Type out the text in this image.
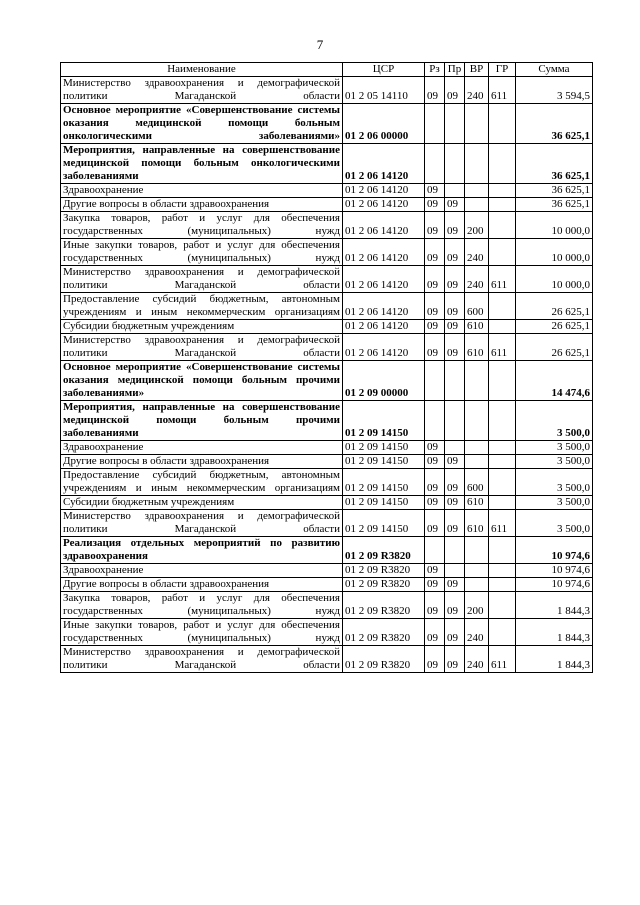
7
Наименование	ЦСР	Рз	Пр	ВР	ГР	Сумма
Министерство здравоохранения и демографической политики Магаданской области	01 2 05 14110	09	09	240	611	3 594,5
Основное мероприятие «Совершенствование системы оказания медицинской помощи больным онкологическими заболеваниями»	01 2 06 00000					36 625,1
Мероприятия, направленные на совершенствование медицинской помощи больным онкологическими заболеваниями	01 2 06 14120					36 625,1
Здравоохранение	01 2 06 14120	09				36 625,1
Другие вопросы в области здравоохранения	01 2 06 14120	09	09			36 625,1
Закупка товаров, работ и услуг для обеспечения государственных (муниципальных) нужд	01 2 06 14120	09	09	200		10 000,0
Иные закупки товаров, работ и услуг для обеспечения государственных (муниципальных) нужд	01 2 06 14120	09	09	240		10 000,0
Министерство здравоохранения и демографической политики Магаданской области	01 2 06 14120	09	09	240	611	10 000,0
Предоставление субсидий бюджетным, автономным учреждениям и иным некоммерческим организациям	01 2 06 14120	09	09	600		26 625,1
Субсидии бюджетным учреждениям	01 2 06 14120	09	09	610		26 625,1
Министерство здравоохранения и демографической политики Магаданской области	01 2 06 14120	09	09	610	611	26 625,1
Основное мероприятие «Совершенствование системы оказания медицинской помощи больным прочими заболеваниями»	01 2 09 00000					14 474,6
Мероприятия, направленные на совершенствование медицинской помощи больным прочими заболеваниями	01 2 09 14150					3 500,0
Здравоохранение	01 2 09 14150	09				3 500,0
Другие вопросы в области здравоохранения	01 2 09 14150	09	09			3 500,0
Предоставление субсидий бюджетным, автономным учреждениям и иным некоммерческим организациям	01 2 09 14150	09	09	600		3 500,0
Субсидии бюджетным учреждениям	01 2 09 14150	09	09	610		3 500,0
Министерство здравоохранения и демографической политики Магаданской области	01 2 09 14150	09	09	610	611	3 500,0
Реализация отдельных мероприятий по развитию здравоохранения	01 2 09 R3820					10 974,6
Здравоохранение	01 2 09 R3820	09				10 974,6
Другие вопросы в области здравоохранения	01 2 09 R3820	09	09			10 974,6
Закупка товаров, работ и услуг для обеспечения государственных (муниципальных) нужд	01 2 09 R3820	09	09	200		1 844,3
Иные закупки товаров, работ и услуг для обеспечения государственных (муниципальных) нужд	01 2 09 R3820	09	09	240		1 844,3
Министерство здравоохранения и демографической политики Магаданской области	01 2 09 R3820	09	09	240	611	1 844,3
